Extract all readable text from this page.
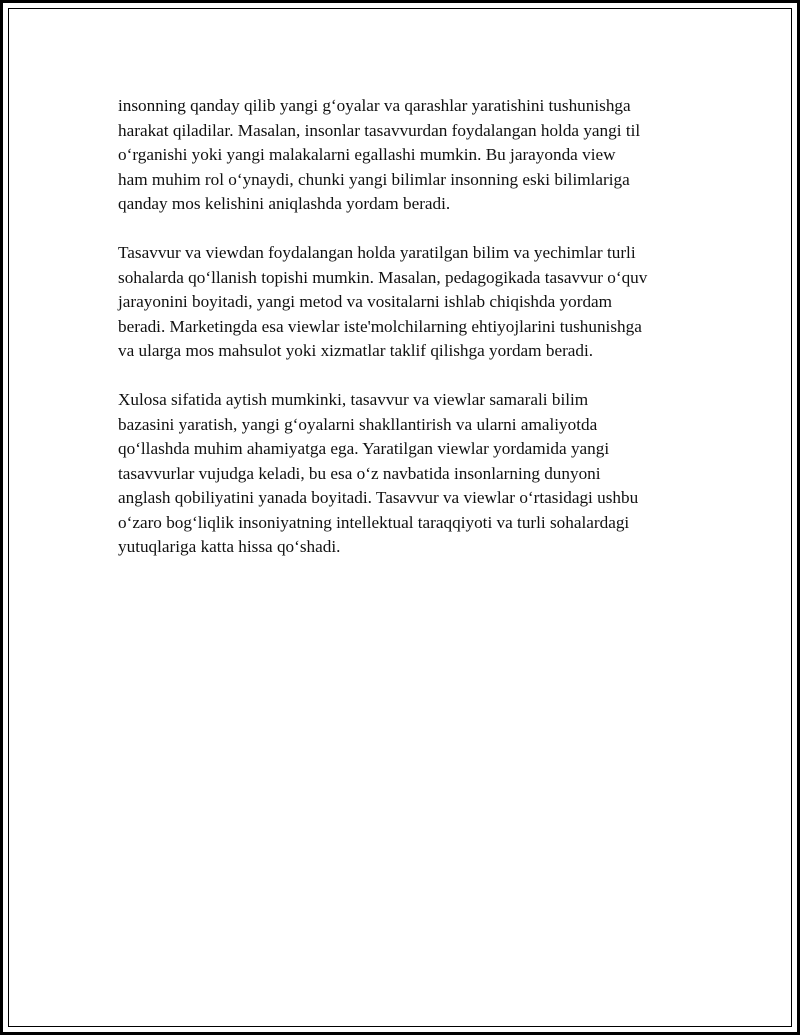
insonning qanday qilib yangi g‘oyalar va qarashlar yaratishini tushunishga
harakat qiladilar. Masalan, insonlar tasavvurdan foydalangan holda yangi til
o‘rganishi yoki yangi malakalarni egallashi mumkin. Bu jarayonda view
ham muhim rol o‘ynaydi, chunki yangi bilimlar insonning eski bilimlariga
qanday mos kelishini aniqlashda yordam beradi.

Tasavvur va viewdan foydalangan holda yaratilgan bilim va yechimlar turli
sohalarda qo‘llanish topishi mumkin. Masalan, pedagogikada tasavvur o‘quv
jarayonini boyitadi, yangi metod va vositalarni ishlab chiqishda yordam
beradi. Marketingda esa viewlar iste'molchilarning ehtiyojlarini tushunishga
va ularga mos mahsulot yoki xizmatlar taklif qilishga yordam beradi.

Xulosa sifatida aytish mumkinki, tasavvur va viewlar samarali bilim
bazasini yaratish, yangi g‘oyalarni shakllantirish va ularni amaliyotda
qo‘llashda muhim ahamiyatga ega. Yaratilgan viewlar yordamida yangi
tasavvurlar vujudga keladi, bu esa o‘z navbatida insonlarning dunyoni
anglash qobiliyatini yanada boyitadi. Tasavvur va viewlar o‘rtasidagi ushbu
o‘zaro bog‘liqlik insoniyatning intellektual taraqqiyoti va turli sohalardagi
yutuqlariga katta hissa qo‘shadi.
